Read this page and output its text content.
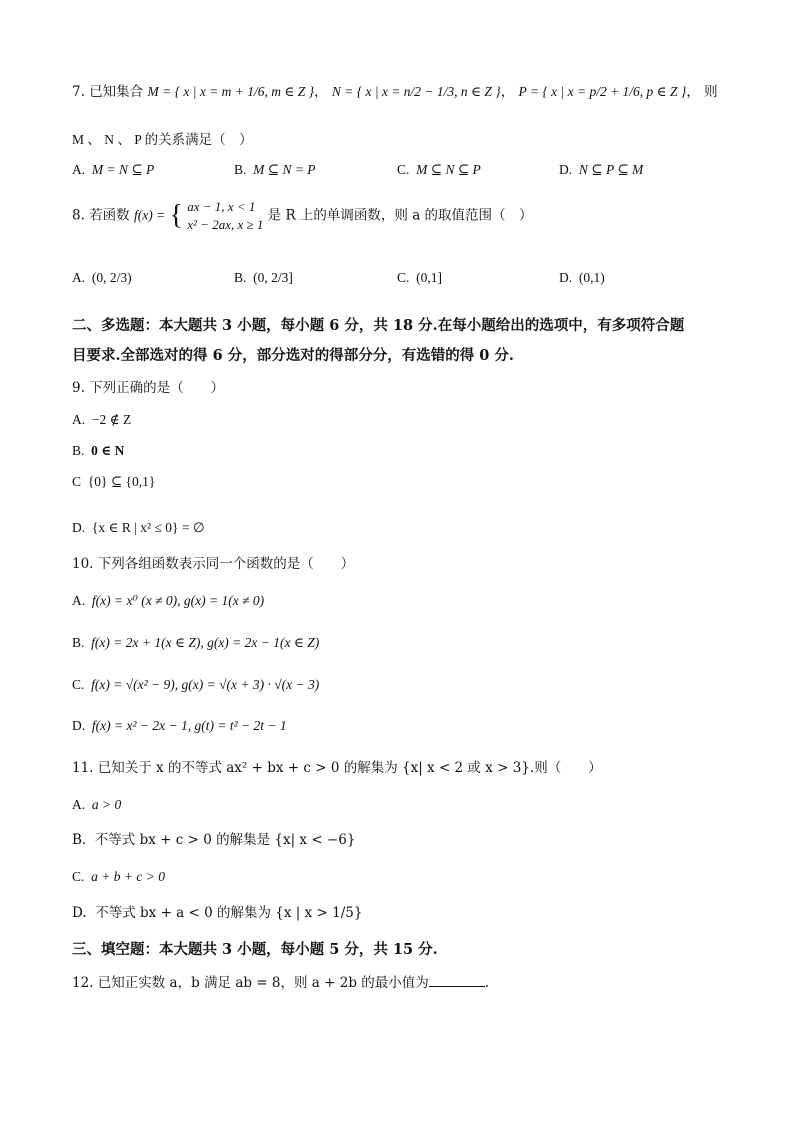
7. 已知集合 M = { x | x = m + 1/6, m ∈ Z }， N = { x | x = n/2 − 1/3, n ∈ Z }， P = { x | x = p/2 + 1/6, p ∈ Z }， 则
M 、 N 、 P 的关系满足（　）
A. M = N ⊆ P	B. M ⊆ N = P	C. M ⊆ N ⊆ P	D. N ⊆ P ⊆ M
8. 若函数 f(x) = { ax − 1, x < 1
x² − 2ax, x ≥ 1
是 R 上的单调函数，则 a 的取值范围（　）
A. (0, 2/3)	B. (0, 2/3]	C. (0,1]	D. (0,1)
二、多选题：本大题共 3 小题，每小题 6 分，共 18 分.在每小题给出的选项中，有多项符合题
目要求.全部选对的得 6 分，部分选对的得部分分，有选错的得 0 分.
9. 下列正确的是（　　）
A. −2 ∉ Z
B. 0 ∈ N
C {0} ⊆ {0,1}
D. {x ∈ R | x² ≤ 0} = ∅
10. 下列各组函数表示同一个函数的是（　　）
A. f(x) = x⁰ (x ≠ 0), g(x) = 1(x ≠ 0)
B. f(x) = 2x + 1(x ∈ Z), g(x) = 2x − 1(x ∈ Z)
C. f(x) = √(x² − 9), g(x) = √(x + 3) · √(x − 3)
D. f(x) = x² − 2x − 1, g(t) = t² − 2t − 1
11. 已知关于 x 的不等式 ax² + bx + c > 0 的解集为 {x| x < 2 或 x > 3}.则（　　）
A. a > 0
B. 不等式 bx + c > 0 的解集是 {x| x < −6}
C. a + b + c > 0
D. 不等式 bx + a < 0 的解集为 {x | x > 1/5}
三、填空题：本大题共 3 小题，每小题 5 分，共 15 分.
12. 已知正实数 a，b 满足 ab = 8，则 a + 2b 的最小值为	.
